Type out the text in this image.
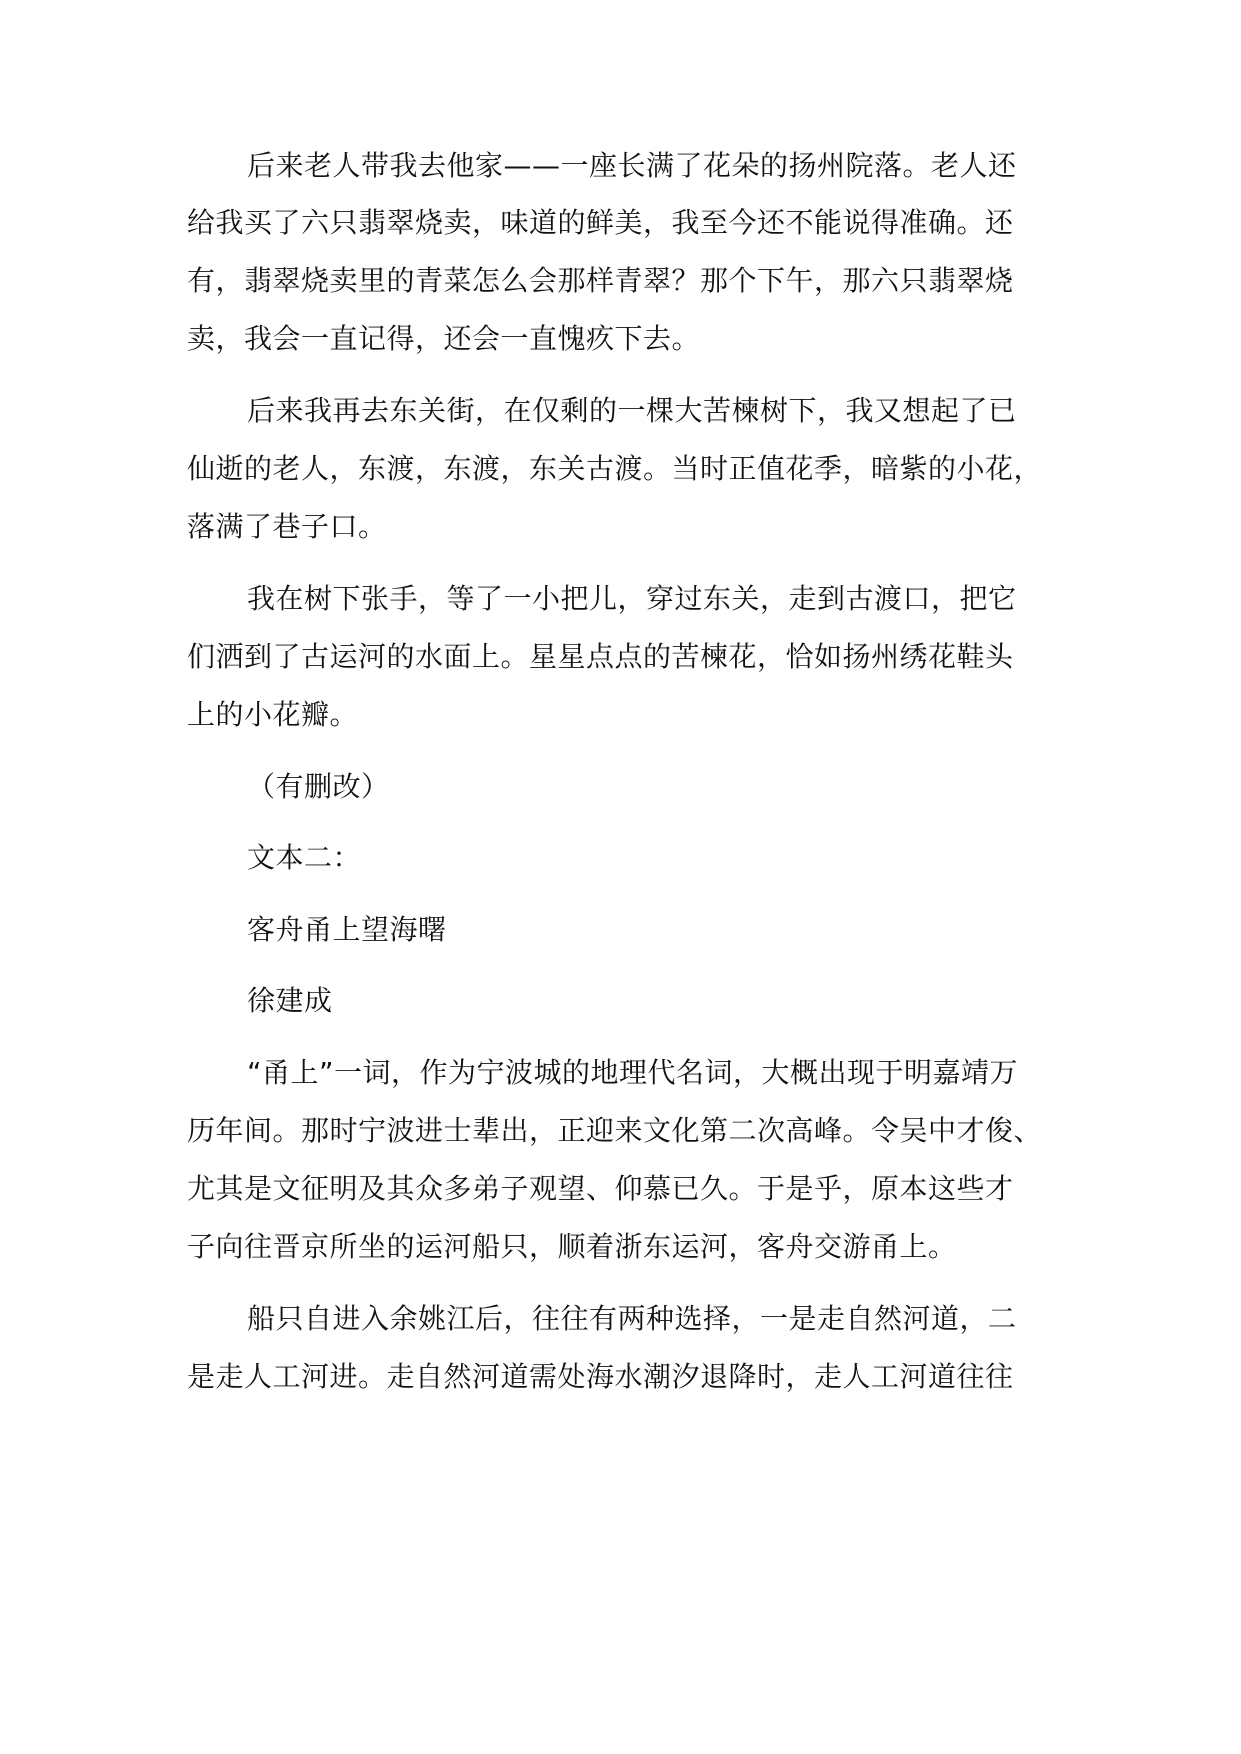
后来老人带我去他家——一座长满了花朵的扬州院落。老人还
给我买了六只翡翠烧卖，味道的鲜美，我至今还不能说得准确。还
有，翡翠烧卖里的青菜怎么会那样青翠？那个下午，那六只翡翠烧
卖，我会一直记得，还会一直愧疚下去。
后来我再去东关街，在仅剩的一棵大苦楝树下，我又想起了已
仙逝的老人，东渡，东渡，东关古渡。当时正值花季，暗紫的小花，
落满了巷子口。
我在树下张手，等了一小把儿，穿过东关，走到古渡口，把它
们洒到了古运河的水面上。星星点点的苦楝花，恰如扬州绣花鞋头
上的小花瓣。
（有删改）
文本二：
客舟甬上望海曙
徐建成
“甬上”一词，作为宁波城的地理代名词，大概出现于明嘉靖万
历年间。那时宁波进士辈出，正迎来文化第二次高峰。令吴中才俊、
尤其是文征明及其众多弟子观望、仰慕已久。于是乎，原本这些才
子向往晋京所坐的运河船只，顺着浙东运河，客舟交游甬上。
船只自进入余姚江后，往往有两种选择，一是走自然河道，二
是走人工河进。走自然河道需处海水潮汐退降时，走人工河道往往
